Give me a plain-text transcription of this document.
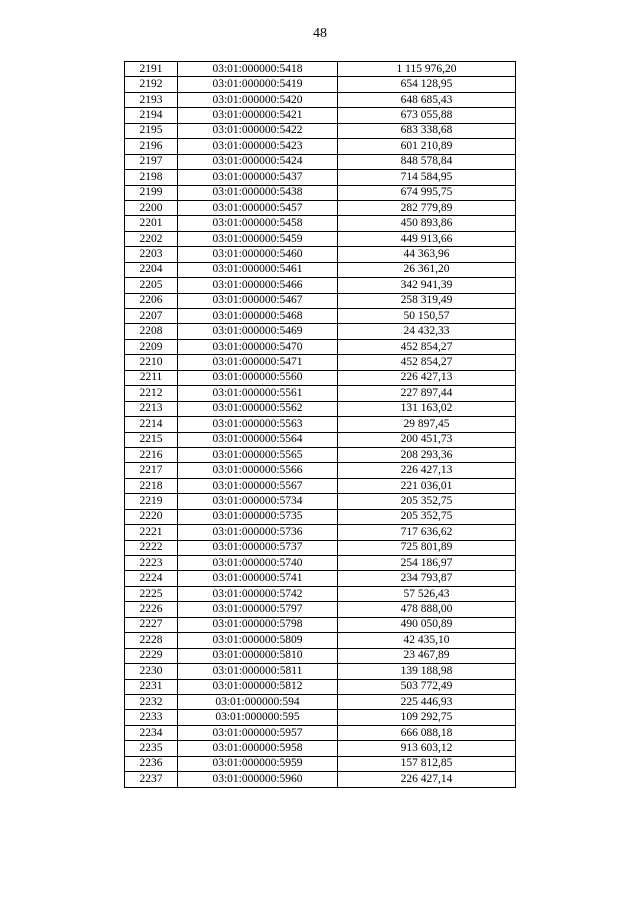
48
2191	03:01:000000:5418	1 115 976,20
2192	03:01:000000:5419	654 128,95
2193	03:01:000000:5420	648 685,43
2194	03:01:000000:5421	673 055,88
2195	03:01:000000:5422	683 338,68
2196	03:01:000000:5423	601 210,89
2197	03:01:000000:5424	848 578,84
2198	03:01:000000:5437	714 584,95
2199	03:01:000000:5438	674 995,75
2200	03:01:000000:5457	282 779,89
2201	03:01:000000:5458	450 893,86
2202	03:01:000000:5459	449 913,66
2203	03:01:000000:5460	44 363,96
2204	03:01:000000:5461	26 361,20
2205	03:01:000000:5466	342 941,39
2206	03:01:000000:5467	258 319,49
2207	03:01:000000:5468	50 150,57
2208	03:01:000000:5469	24 432,33
2209	03:01:000000:5470	452 854,27
2210	03:01:000000:5471	452 854,27
2211	03:01:000000:5560	226 427,13
2212	03:01:000000:5561	227 897,44
2213	03:01:000000:5562	131 163,02
2214	03:01:000000:5563	29 897,45
2215	03:01:000000:5564	200 451,73
2216	03:01:000000:5565	208 293,36
2217	03:01:000000:5566	226 427,13
2218	03:01:000000:5567	221 036,01
2219	03:01:000000:5734	205 352,75
2220	03:01:000000:5735	205 352,75
2221	03:01:000000:5736	717 636,62
2222	03:01:000000:5737	725 801,89
2223	03:01:000000:5740	254 186,97
2224	03:01:000000:5741	234 793,87
2225	03:01:000000:5742	57 526,43
2226	03:01:000000:5797	478 888,00
2227	03:01:000000:5798	490 050,89
2228	03:01:000000:5809	42 435,10
2229	03:01:000000:5810	23 467,89
2230	03:01:000000:5811	139 188,98
2231	03:01:000000:5812	503 772,49
2232	03:01:000000:594	225 446,93
2233	03:01:000000:595	109 292,75
2234	03:01:000000:5957	666 088,18
2235	03:01:000000:5958	913 603,12
2236	03:01:000000:5959	157 812,85
2237	03:01:000000:5960	226 427,14
